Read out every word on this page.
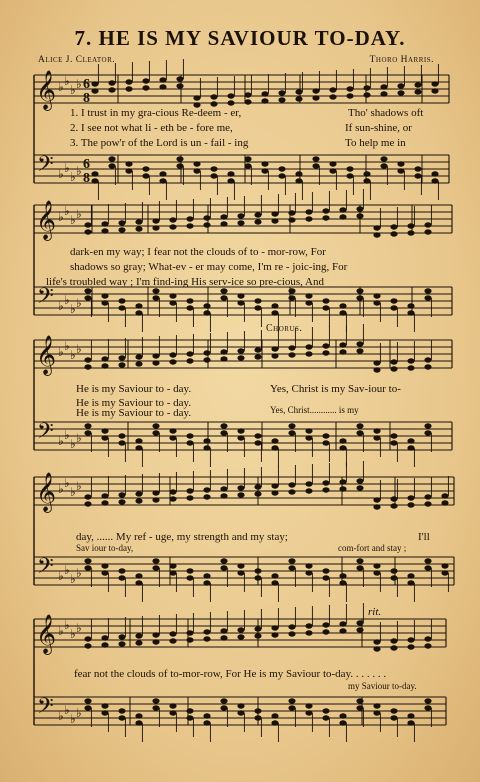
7. HE IS MY SAVIOUR TO-DAY.
Alice J. Cleator.	Thoro Harris.
𝄞
𝄢
♭ ♭
♭ ♭
♭ ♭
♭ ♭
𝄞
𝄢
♭ ♭
♭ ♭
♭ ♭
♭ ♭
𝄞
𝄢
♭ ♭
♭ ♭
♭ ♭
♭ ♭
𝄞
𝄢
♭ ♭
♭ ♭
♭ ♭
♭ ♭
𝄞
𝄢
♭ ♭
♭ ♭
♭ ♭
♭ ♭
6
8
6
8
1. I trust in my gra-cious Re-deem - er,	Tho' shadows oft
2. I see not what li - eth be - fore me,	If sun-shine, or
3. The pow'r of the Lord is un - fail - ing	To help me in
dark-en my way; I fear not the clouds of to - mor-row, For
shadows so gray; What-ev - er may come, I'm re - joic-ing, For
life's troubled way ; I'm find-ing His serv-ice so pre-cious, And
Chorus.
He is my Saviour to - day.	Yes, Christ is my Sav-iour to-
He is my Saviour to - day.
He is my Saviour to - day.	Yes, Christ............ is my
day, ...... My ref - uge, my strength and my stay;	I'll
Sav iour to-day,	com-fort and stay ;
rit.
fear not the clouds of to-mor-row, For He is my Saviour to-day. . . . . . .
my Saviour to-day.
